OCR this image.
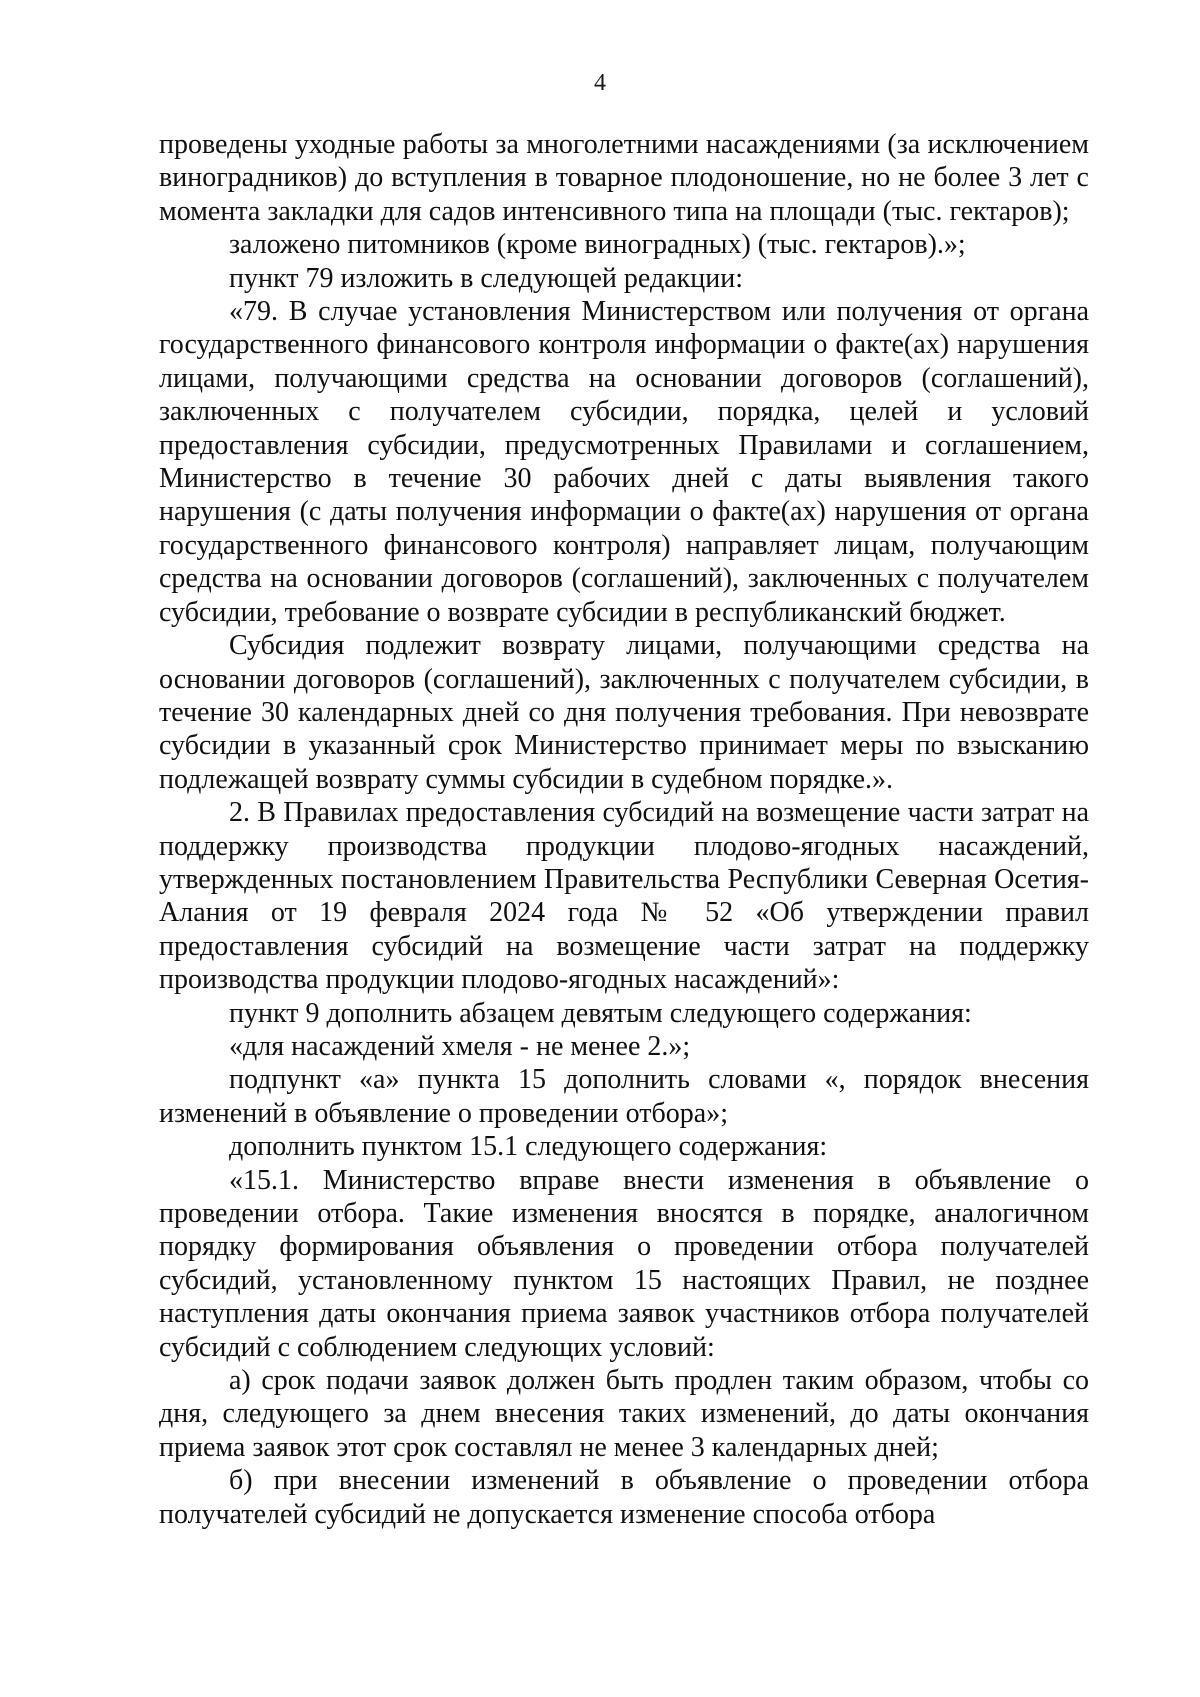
4

проведены уходные работы за многолетними насаждениями (за исключением виноградников) до вступления в товарное плодоношение, но не более 3 лет с момента закладки для садов интенсивного типа на площади (тыс. гектаров);

заложено питомников (кроме виноградных) (тыс. гектаров).»;

пункт 79 изложить в следующей редакции:

«79. В случае установления Министерством или получения от органа государственного финансового контроля информации о факте(ах) нарушения лицами, получающими средства на основании договоров (соглашений), заключенных с получателем субсидии, порядка, целей и условий предоставления субсидии, предусмотренных Правилами и соглашением, Министерство в течение 30 рабочих дней с даты выявления такого нарушения (с даты получения информации о факте(ах) нарушения от органа государственного финансового контроля) направляет лицам, получающим средства на основании договоров (соглашений), заключенных с получателем субсидии, требование о возврате субсидии в республиканский бюджет.

Субсидия подлежит возврату лицами, получающими средства на основании договоров (соглашений), заключенных с получателем субсидии, в течение 30 календарных дней со дня получения требования. При невозврате субсидии в указанный срок Министерство принимает меры по взысканию подлежащей возврату суммы субсидии в судебном порядке.».

2. В Правилах предоставления субсидий на возмещение части затрат на поддержку производства продукции плодово-ягодных насаждений, утвержденных постановлением Правительства Республики Северная Осетия-Алания от 19 февраля 2024 года № 52 «Об утверждении правил предоставления субсидий на возмещение части затрат на поддержку производства продукции плодово-ягодных насаждений»:

пункт 9 дополнить абзацем девятым следующего содержания:

«для насаждений хмеля - не менее 2.»;

подпункт «а» пункта 15 дополнить словами «, порядок внесения изменений в объявление о проведении отбора»;

дополнить пунктом 15.1 следующего содержания:

«15.1. Министерство вправе внести изменения в объявление о проведении отбора. Такие изменения вносятся в порядке, аналогичном порядку формирования объявления о проведении отбора получателей субсидий, установленному пунктом 15 настоящих Правил, не позднее наступления даты окончания приема заявок участников отбора получателей субсидий с соблюдением следующих условий:

а) срок подачи заявок должен быть продлен таким образом, чтобы со дня, следующего за днем внесения таких изменений, до даты окончания приема заявок этот срок составлял не менее 3 календарных дней;

б) при внесении изменений в объявление о проведении отбора получателей субсидий не допускается изменение способа отбора
